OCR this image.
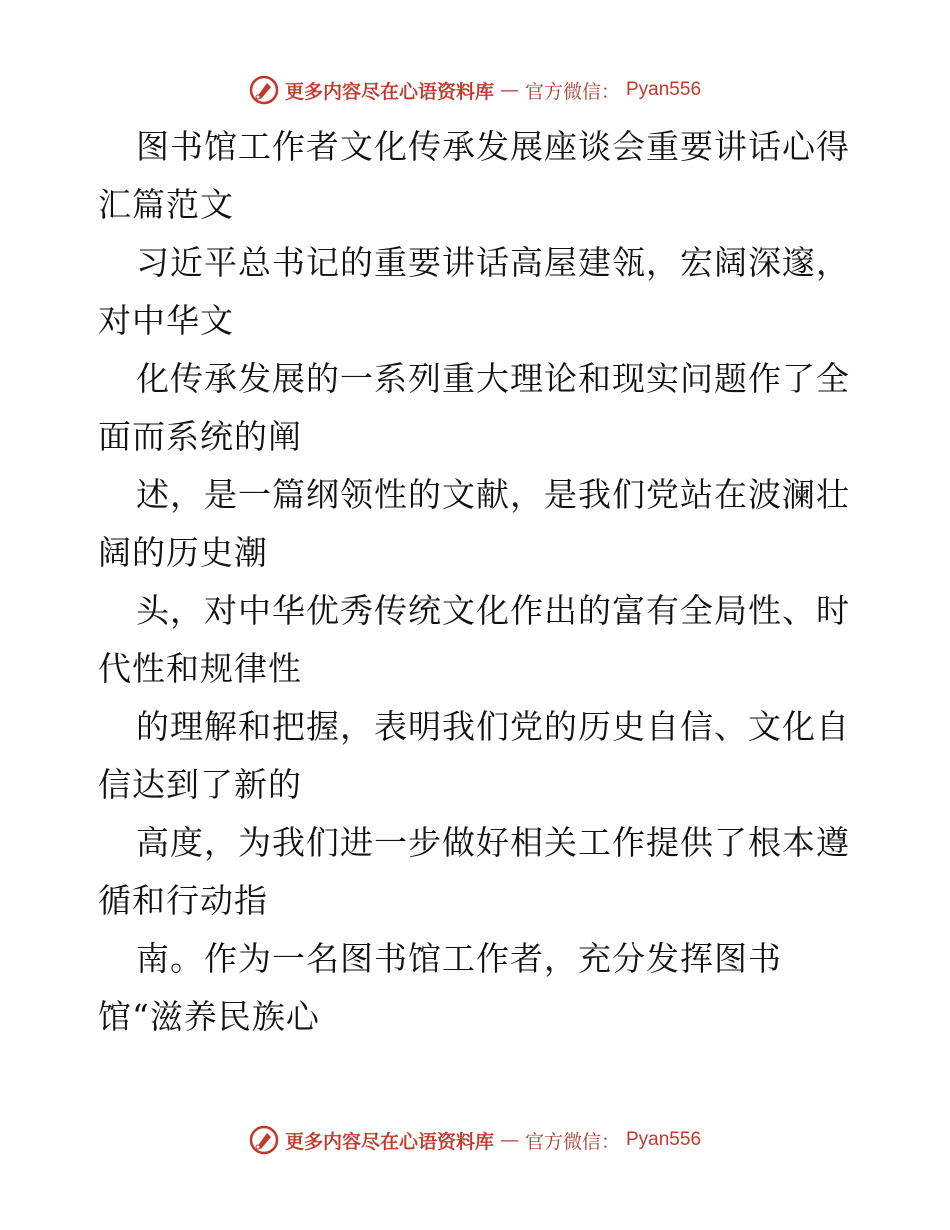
更多内容尽在心语资料库 — 官方微信： Pyan556

图书馆工作者文化传承发展座谈会重要讲话心得
汇篇范文

习近平总书记的重要讲话高屋建瓴，宏阔深邃，
对中华文

化传承发展的一系列重大理论和现实问题作了全
面而系统的阐

述，是一篇纲领性的文献，是我们党站在波澜壮
阔的历史潮

头，对中华优秀传统文化作出的富有全局性、时
代性和规律性

的理解和把握，表明我们党的历史自信、文化自
信达到了新的

高度，为我们进一步做好相关工作提供了根本遵
循和行动指

南。作为一名图书馆工作者，充分发挥图书
馆“滋养民族心

更多内容尽在心语资料库 — 官方微信： Pyan556
